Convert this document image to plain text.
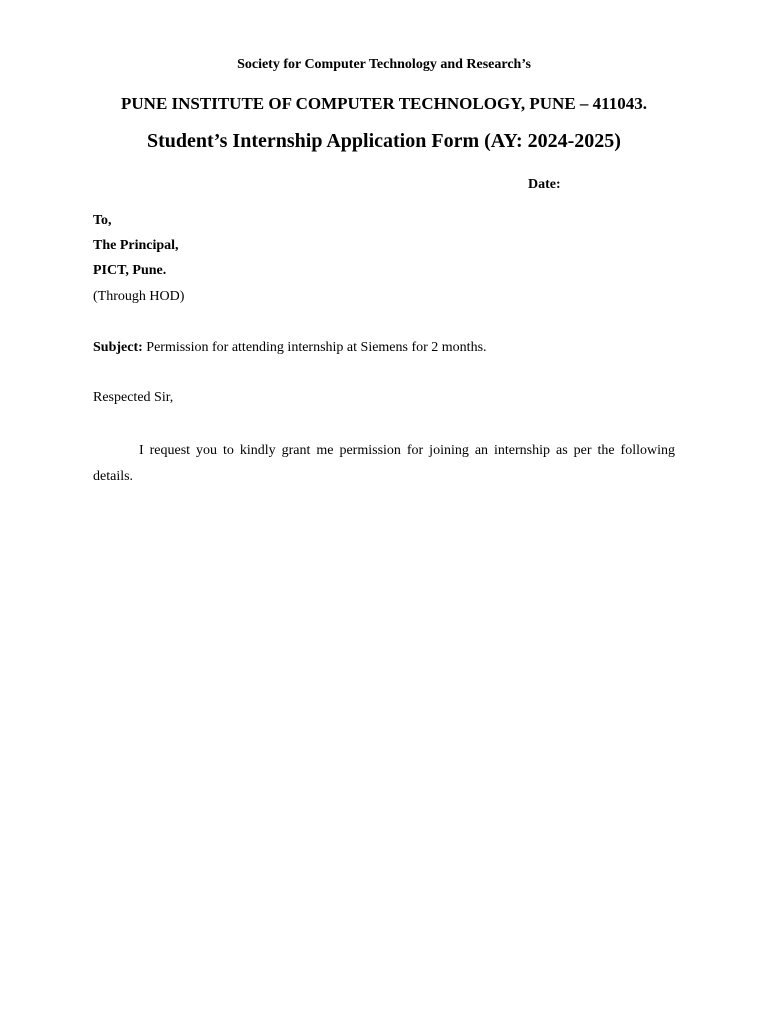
Society for Computer Technology and Research’s
PUNE INSTITUTE OF COMPUTER TECHNOLOGY, PUNE – 411043.
Student’s Internship Application Form (AY: 2024-2025)
Date:
To,
The Principal,
PICT, Pune.
(Through HOD)
Subject: Permission for attending internship at Siemens for 2 months.
Respected Sir,
I request you to kindly grant me permission for joining an internship as per the following details.
